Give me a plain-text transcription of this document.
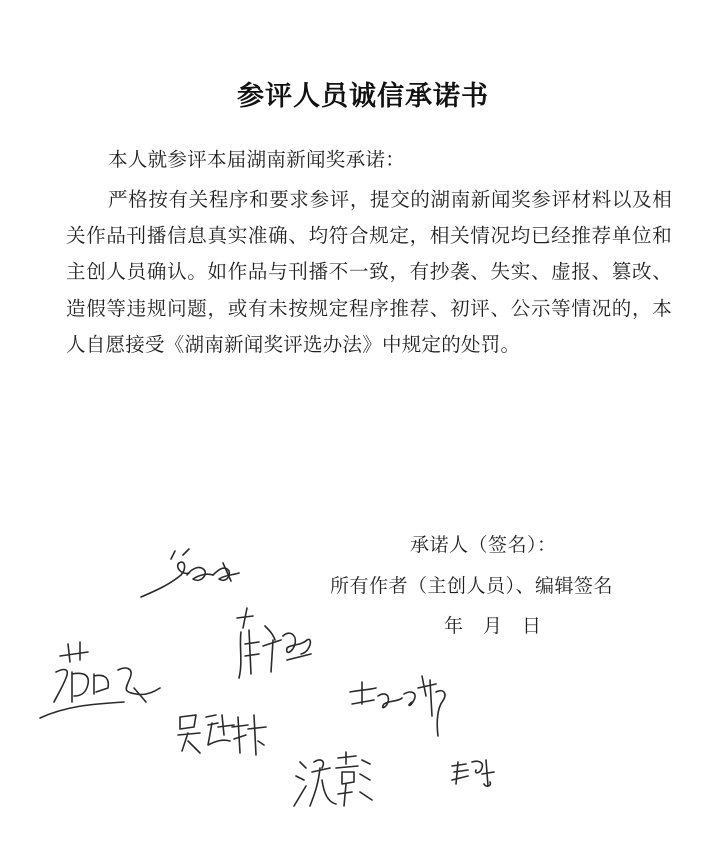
参评人员诚信承诺书
本人就参评本届湖南新闻奖承诺：
严格按有关程序和要求参评，提交的湖南新闻奖参评材料以及相关作品刊播信息真实准确、均符合规定，相关情况均已经推荐单位和主创人员确认。如作品与刊播不一致，有抄袭、失实、虚报、篡改、造假等违规问题，或有未按规定程序推荐、初评、公示等情况的，本人自愿接受《湖南新闻奖评选办法》中规定的处罚。
承诺人（签名）：
所有作者（主创人员）、编辑签名
年　月　日
